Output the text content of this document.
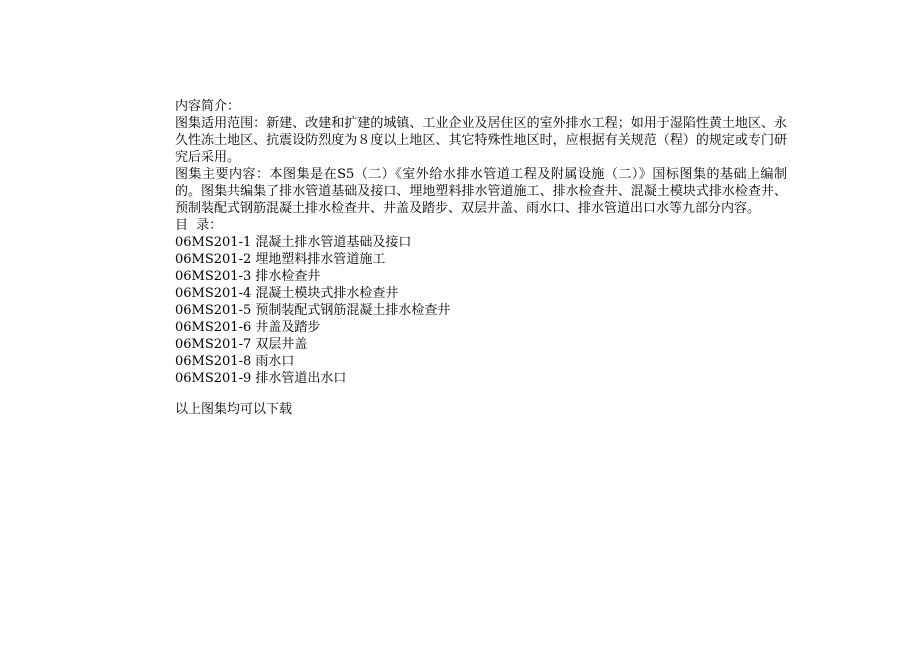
内容简介：

图集适用范围：新建、改建和扩建的城镇、工业企业及居住区的室外排水工程；如用于湿陷性黄土地区、永久性冻土地区、抗震设防烈度为８度以上地区、其它特殊性地区时，应根据有关规范（程）的规定或专门研究后采用。

图集主要内容：本图集是在S5（二）《室外给水排水管道工程及附属设施（二）》国标图集的基础上编制的。图集共编集了排水管道基础及接口、埋地塑料排水管道施工、排水检查井、混凝土模块式排水检查井、预制装配式钢筋混凝土排水检查井、井盖及踏步、双层井盖、雨水口、排水管道出口水等九部分内容。

目  录：

06MS201-1 混凝土排水管道基础及接口
06MS201-2 埋地塑料排水管道施工
06MS201-3 排水检查井
06MS201-4 混凝土模块式排水检查井
06MS201-5 预制装配式钢筋混凝土排水检查井
06MS201-6 井盖及踏步
06MS201-7 双层井盖
06MS201-8 雨水口
06MS201-9 排水管道出水口

以上图集均可以下载
